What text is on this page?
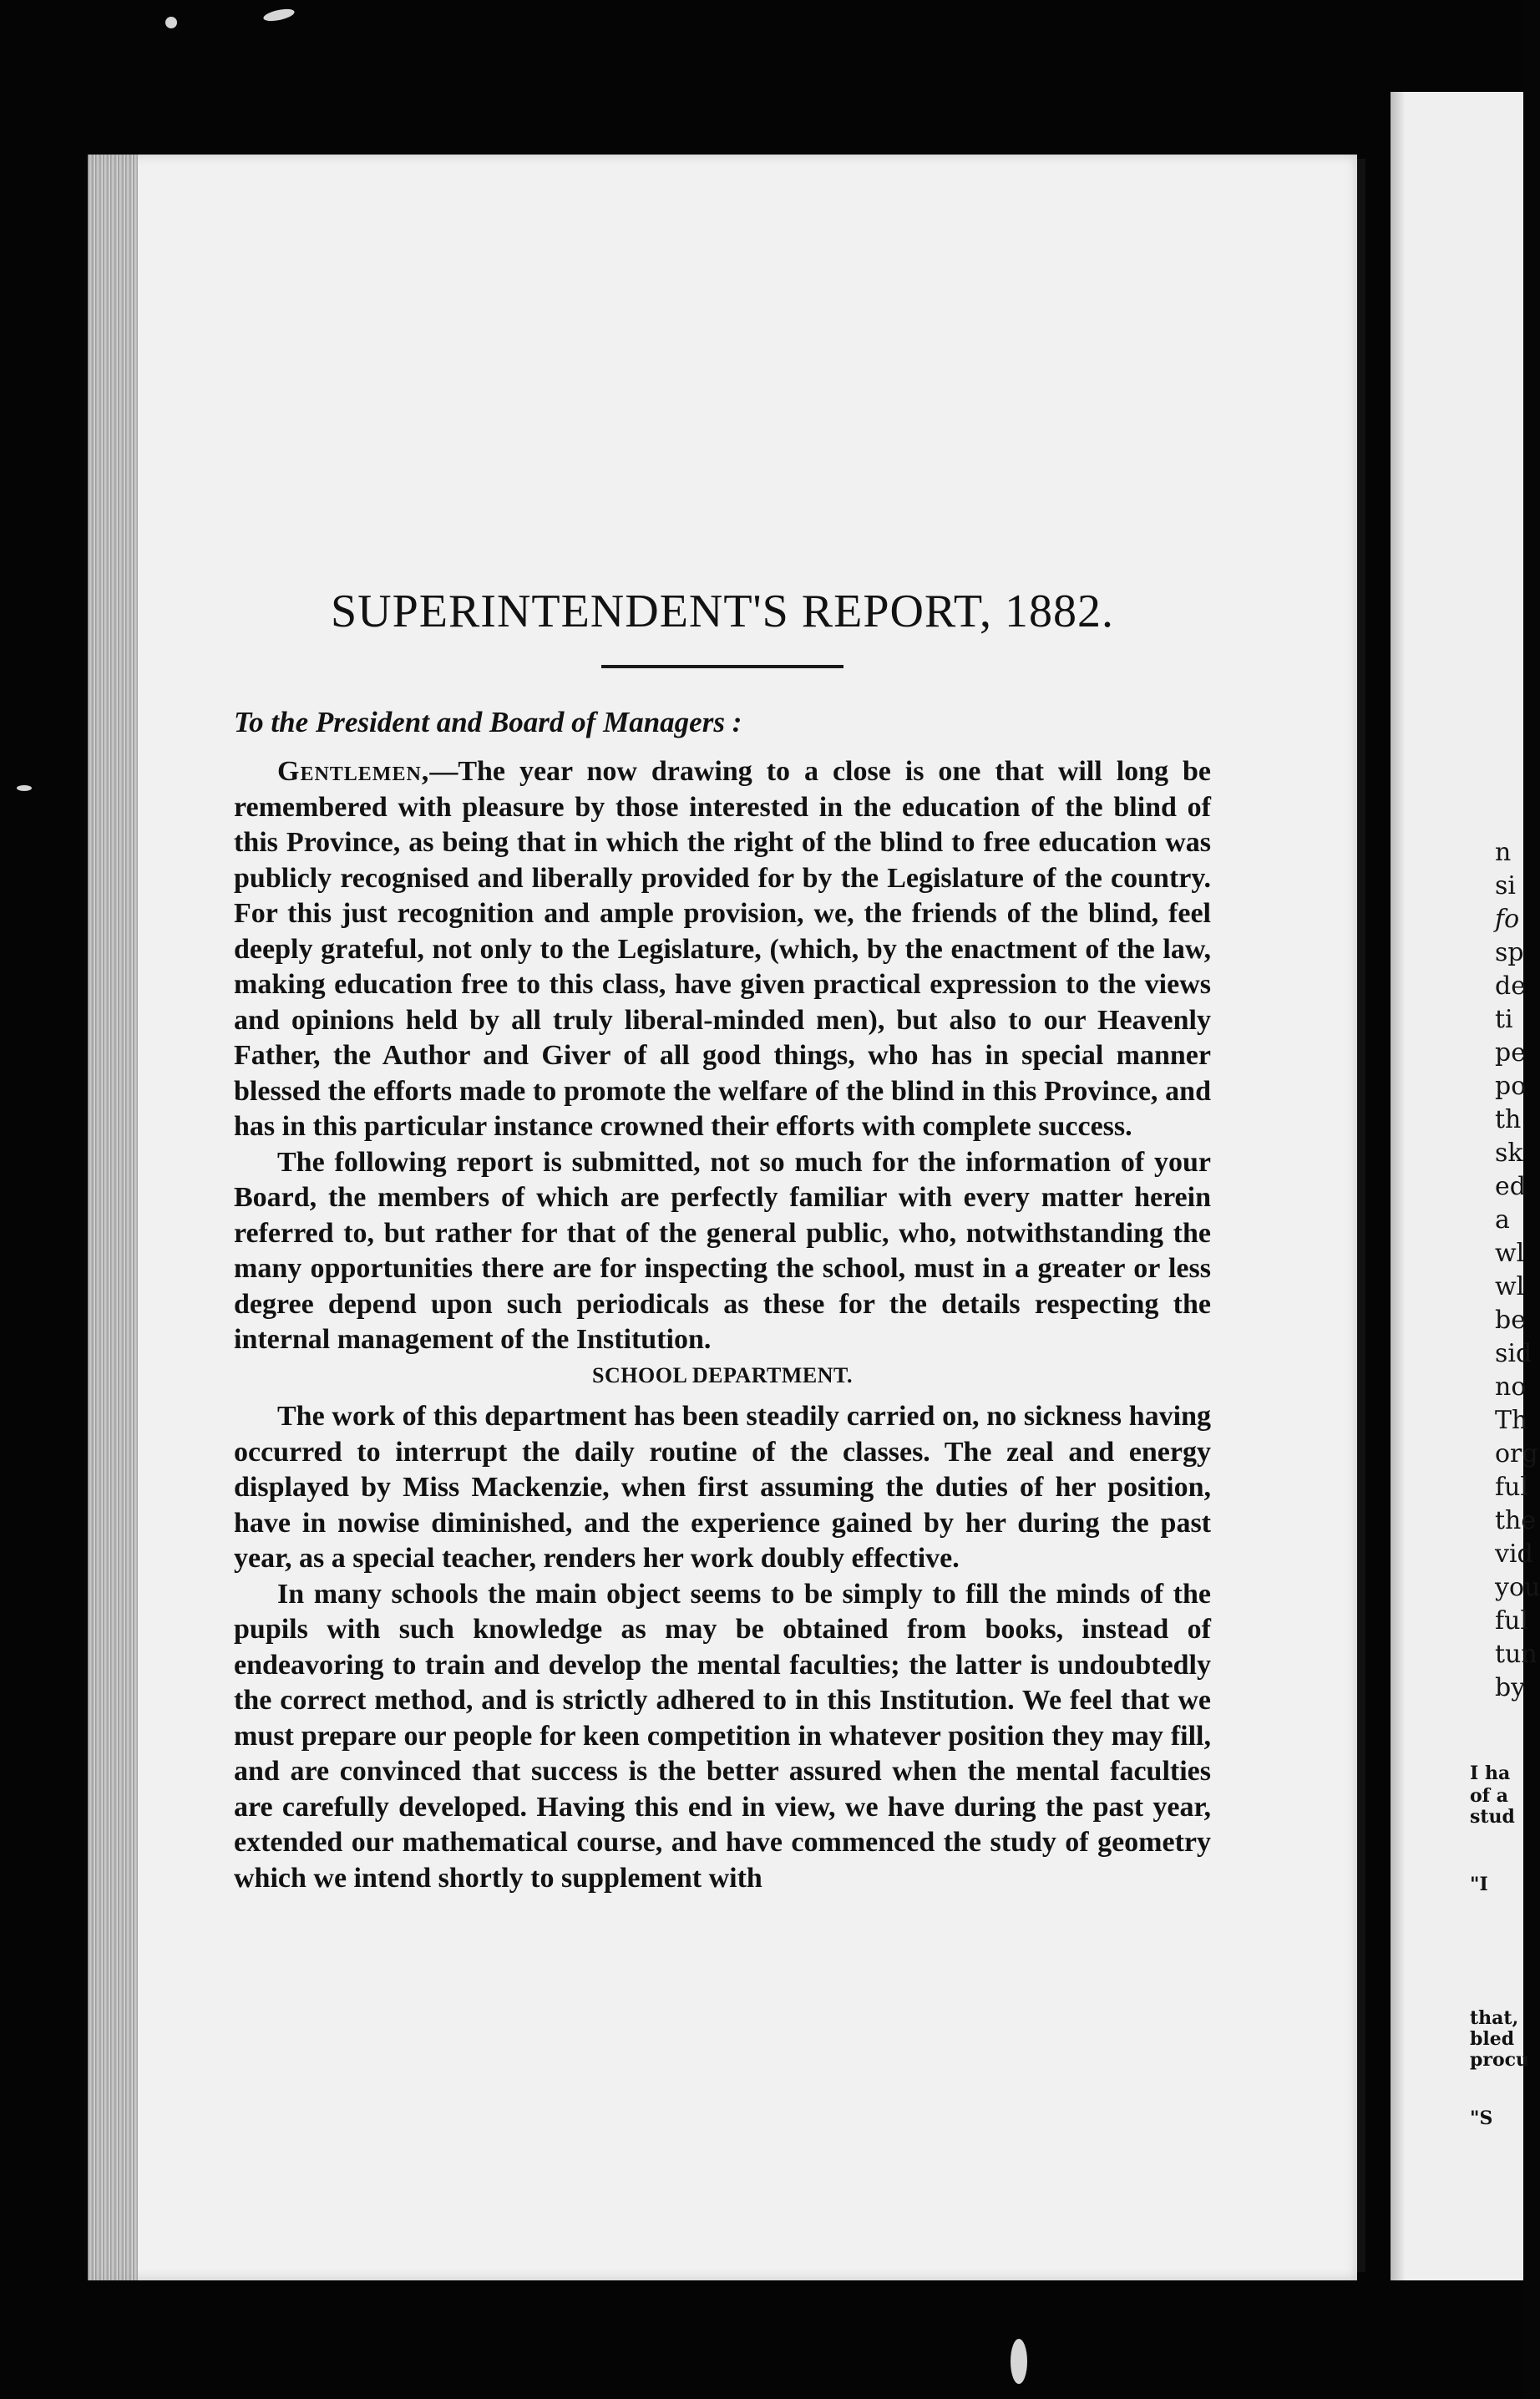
n
si
fo
sp
de
ti
pe
po
th
sk
ed
a
wl
wl
be
sid
no
Th
org
ful
the
vid
you
ful
tun
by
I ha
of a
stud
"I
that,
bled
procu
"S
SUPERINTENDENT'S REPORT, 1882.
To the President and Board of Managers :
Gentlemen,—The year now drawing to a close is one that will long be remembered with pleasure by those interested in the education of the blind of this Province, as being that in which the right of the blind to free education was publicly recognised and liberally provided for by the Legislature of the country. For this just recognition and ample provision, we, the friends of the blind, feel deeply grateful, not only to the Legislature, (which, by the enactment of the law, making education free to this class, have given practical expression to the views and opinions held by all truly liberal-minded men), but also to our Heavenly Father, the Author and Giver of all good things, who has in special manner blessed the efforts made to promote the welfare of the blind in this Province, and has in this particular instance crowned their efforts with complete success.
The following report is submitted, not so much for the information of your Board, the members of which are perfectly familiar with every matter herein referred to, but rather for that of the general public, who, notwithstanding the many opportunities there are for inspecting the school, must in a greater or less degree depend upon such periodicals as these for the details respecting the internal management of the Institution.
SCHOOL DEPARTMENT.
The work of this department has been steadily carried on, no sickness having occurred to interrupt the daily routine of the classes. The zeal and energy displayed by Miss Mackenzie, when first assuming the duties of her position, have in nowise diminished, and the experience gained by her during the past year, as a special teacher, renders her work doubly effective.
In many schools the main object seems to be simply to fill the minds of the pupils with such knowledge as may be obtained from books, instead of endeavoring to train and develop the mental faculties; the latter is undoubtedly the correct method, and is strictly adhered to in this Institution. We feel that we must prepare our people for keen competition in whatever position they may fill, and are convinced that success is the better assured when the mental faculties are carefully developed. Having this end in view, we have during the past year, extended our mathematical course, and have commenced the study of geometry which we intend shortly to supplement with
